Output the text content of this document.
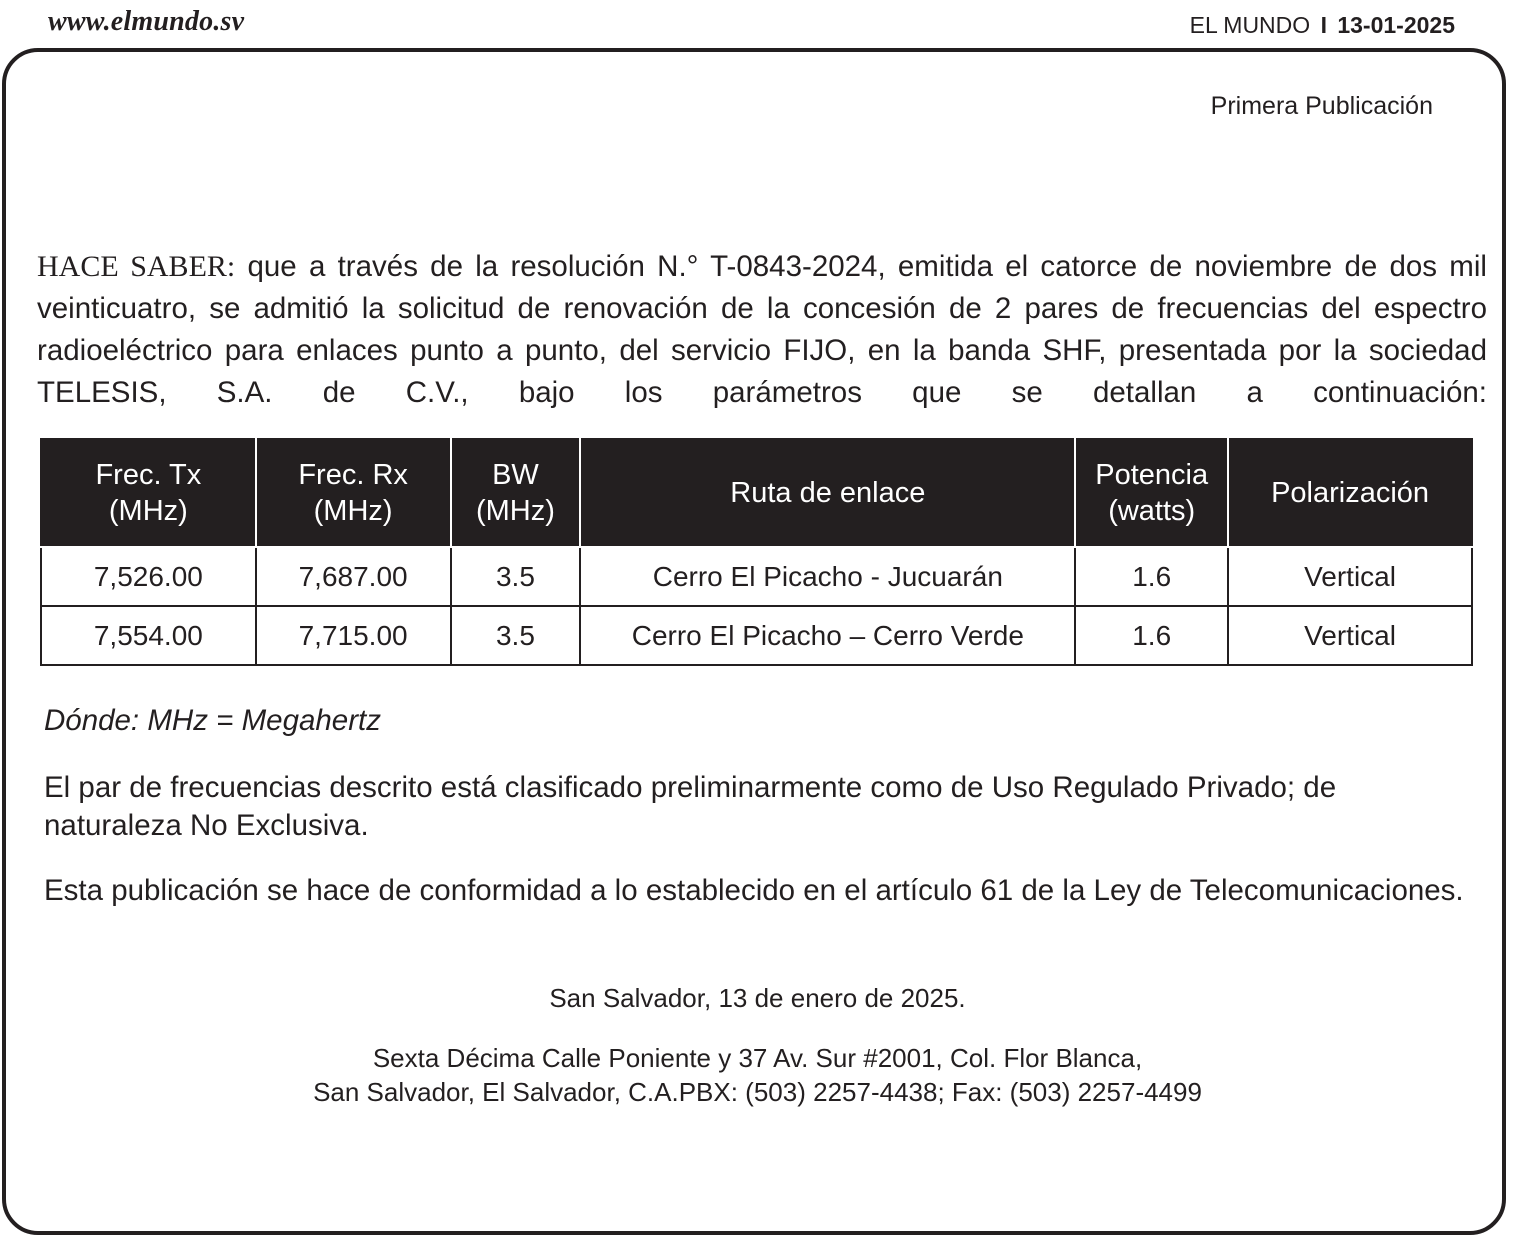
www.elmundo.sv	EL MUNDO I 13-01-2025
Primera Publicación
HACE SABER: que a través de la resolución N.° T-0843-2024, emitida el catorce de noviembre de dos mil veinticuatro, se admitió la solicitud de renovación de la concesión de 2 pares de frecuencias del espectro radioeléctrico para enlaces punto a punto, del servicio FIJO, en la banda SHF, presentada por la sociedad TELESIS, S.A. de C.V., bajo los parámetros que se detallan a continuación:
Frec. Tx
(MHz)	Frec. Rx
(MHz)	BW
(MHz)	Ruta de enlace	Potencia
(watts)	Polarización
7,526.00	7,687.00	3.5	Cerro El Picacho - Jucuarán	1.6	Vertical
7,554.00	7,715.00	3.5	Cerro El Picacho – Cerro Verde	1.6	Vertical
Dónde: MHz = Megahertz
El par de frecuencias descrito está clasificado preliminarmente como de Uso Regulado Privado; de naturaleza No Exclusiva.
Esta publicación se hace de conformidad a lo establecido en el artículo 61 de la Ley de Telecomunicaciones.
San Salvador, 13 de enero de 2025.
Sexta Décima Calle Poniente y 37 Av. Sur #2001, Col. Flor Blanca,
San Salvador, El Salvador, C.A.PBX: (503) 2257-4438; Fax: (503) 2257-4499
